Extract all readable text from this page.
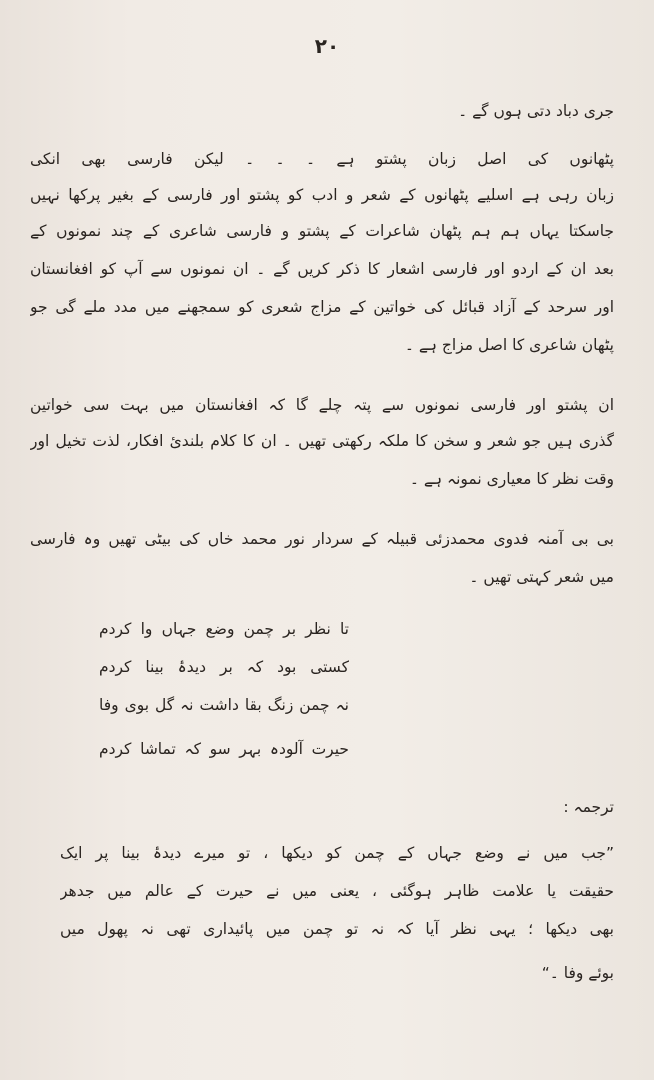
۲۰
جری دباد دتی ہوں گے ۔
پٹھانوں کی اصل زبان پشتو ہے ۔ ۔ ۔ لیکن فارسی بھی انکی
زبان رہی ہے اسلیے پٹھانوں کے شعر و ادب کو پشتو اور فارسی کے بغیر پرکھا نہیں
جاسکتا یہاں ہم ہم پٹھان شاعرات کے پشتو و فارسی شاعری کے چند نمونوں کے
بعد ان کے اردو اور فارسی اشعار کا ذکر کریں گے ۔ ان نمونوں سے آپ کو افغانستان
اور سرحد کے آزاد قبائل کی خواتین کے مزاج شعری کو سمجھنے میں مدد ملے گی جو
پٹھان شاعری کا اصل مزاج ہے ۔
ان پشتو اور فارسی نمونوں سے پتہ چلے گا کہ افغانستان میں بہت سی خواتین
گذری ہیں جو شعر و سخن کا ملکہ رکھتی تھیں ۔ ان کا کلام بلندئ افکار، لذت تخیل اور
وقت نظر کا معیاری نمونہ ہے ۔
بی بی آمنہ فدوی محمدزئی قبیلہ کے سردار نور محمد خاں کی بیٹی تھیں وہ فارسی
میں شعر کہتی تھیں ۔
تا نظر بر چمن وضع جہاں وا کردم
کستی بود کہ بر دیدۂ بینا کردم
نہ چمن زنگ بقا داشت نہ گل بوی وفا
حیرت آلودہ بہر سو کہ تماشا کردم
ترجمہ :
”جب میں نے وضع جہاں کے چمن کو دیکھا ، تو میرے دیدۂ بینا پر ایک
حقیقت یا علامت ظاہر ہوگئی ، یعنی میں نے حیرت کے عالم میں جدھر
بھی دیکھا ؛ یہی نظر آیا کہ نہ تو چمن میں پائیداری تھی نہ پھول میں
بوئے وفا ۔“
